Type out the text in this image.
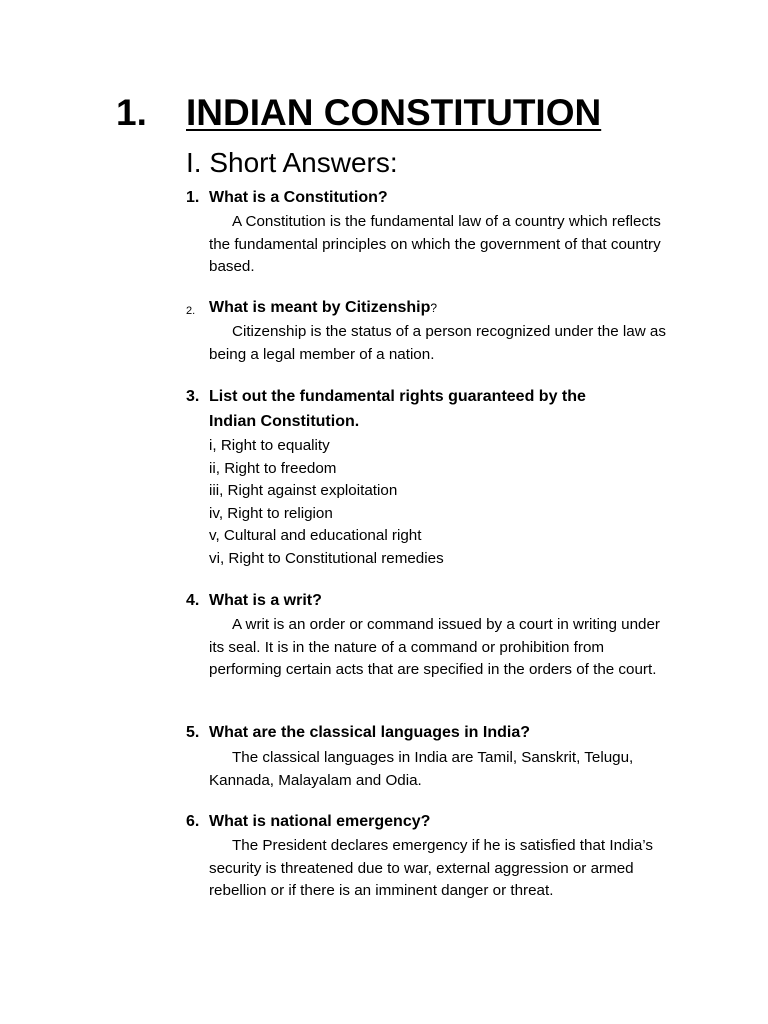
1. INDIAN CONSTITUTION
I. Short Answers:
1. What is a Constitution?
A Constitution is the fundamental law of a country which reflects the fundamental principles on which the government of that country based.
2. What is meant by Citizenship?
Citizenship is the status of a person recognized under the law as being a legal member of a nation.
3. List out the fundamental rights guaranteed by the
Indian Constitution.
i, Right to equality
ii, Right to freedom
iii, Right against exploitation
iv, Right to religion
v, Cultural and educational right
vi, Right to Constitutional remedies
4. What is a writ?
A writ is an order or command issued by a court in writing under its seal. It is in the nature of a command or prohibition from performing certain acts that are specified in the orders of the court.
5. What are the classical languages in India?
The classical languages in India are Tamil, Sanskrit, Telugu, Kannada, Malayalam and Odia.
6. What is national emergency?
The President declares emergency if he is satisfied that India’s security is threatened due to war, external aggression or armed rebellion or if there is an imminent danger or threat.
